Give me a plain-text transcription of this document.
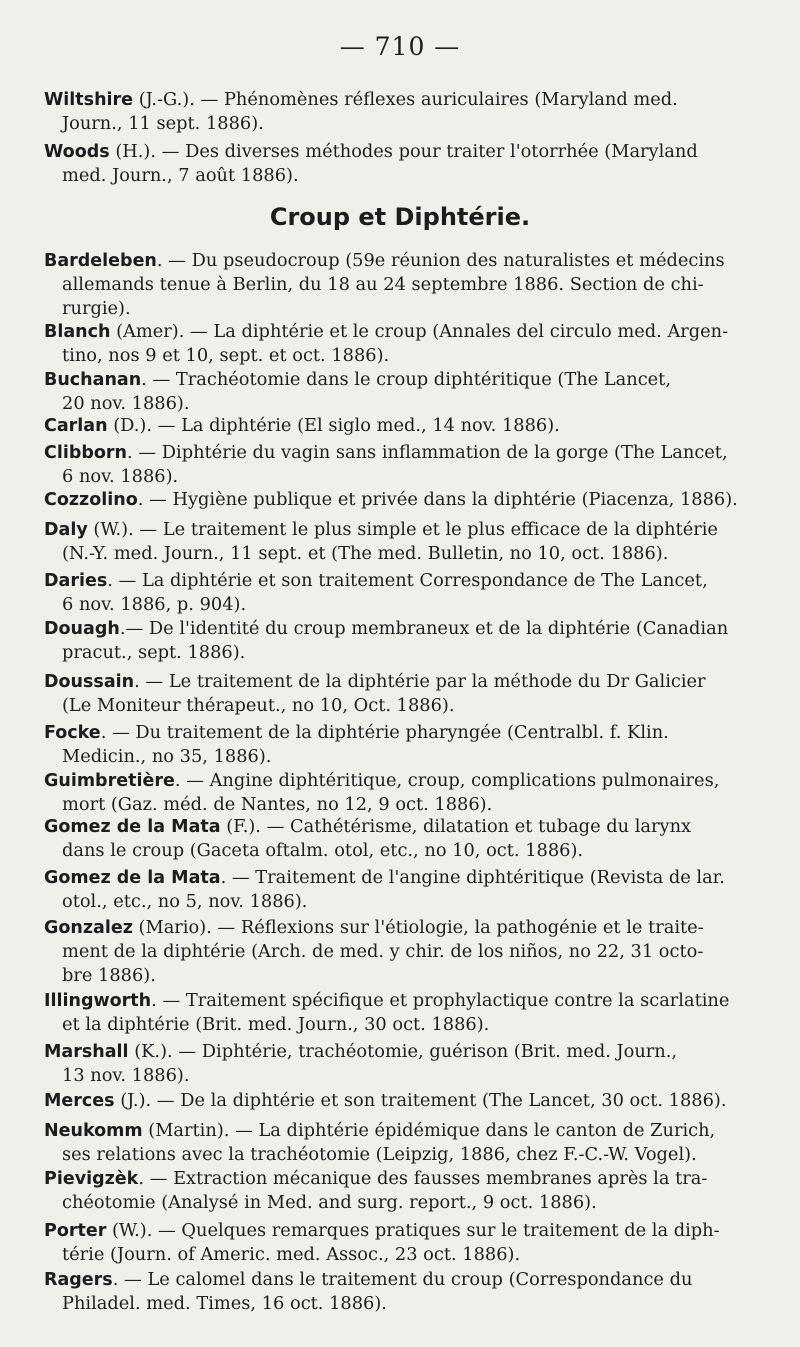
— 710 —
Croup et Diphtérie.
Wiltshire (J.-G.). — Phénomènes réflexes auriculaires (Maryland med.
Journ., 11 sept. 1886).
Woods (H.). — Des diverses méthodes pour traiter l'otorrhée (Maryland
med. Journ., 7 août 1886).
Bardeleben. — Du pseudocroup (59e réunion des naturalistes et médecins
allemands tenue à Berlin, du 18 au 24 septembre 1886. Section de chi-
rurgie).
Blanch (Amer). — La diphtérie et le croup (Annales del circulo med. Argen-
tino, nos 9 et 10, sept. et oct. 1886).
Buchanan. — Trachéotomie dans le croup diphtéritique (The Lancet,
20 nov. 1886).
Carlan (D.). — La diphtérie (El siglo med., 14 nov. 1886).
Clibborn. — Diphtérie du vagin sans inflammation de la gorge (The Lancet,
6 nov. 1886).
Cozzolino. — Hygiène publique et privée dans la diphtérie (Piacenza, 1886).
Daly (W.). — Le traitement le plus simple et le plus efficace de la diphtérie
(N.-Y. med. Journ., 11 sept. et (The med. Bulletin, no 10, oct. 1886).
Daries. — La diphtérie et son traitement Correspondance de The Lancet,
6 nov. 1886, p. 904).
Douagh.— De l'identité du croup membraneux et de la diphtérie (Canadian
pracut., sept. 1886).
Doussain. — Le traitement de la diphtérie par la méthode du Dr Galicier
(Le Moniteur thérapeut., no 10, Oct. 1886).
Focke. — Du traitement de la diphtérie pharyngée (Centralbl. f. Klin.
Medicin., no 35, 1886).
Guimbretière. — Angine diphtéritique, croup, complications pulmonaires,
mort (Gaz. méd. de Nantes, no 12, 9 oct. 1886).
Gomez de la Mata (F.). — Cathétérisme, dilatation et tubage du larynx
dans le croup (Gaceta oftalm. otol, etc., no 10, oct. 1886).
Gomez de la Mata. — Traitement de l'angine diphtéritique (Revista de lar.
otol., etc., no 5, nov. 1886).
Gonzalez (Mario). — Réflexions sur l'étiologie, la pathogénie et le traite-
ment de la diphtérie (Arch. de med. y chir. de los niños, no 22, 31 octo-
bre 1886).
Illingworth. — Traitement spécifique et prophylactique contre la scarlatine
et la diphtérie (Brit. med. Journ., 30 oct. 1886).
Marshall (K.). — Diphtérie, trachéotomie, guérison (Brit. med. Journ.,
13 nov. 1886).
Merces (J.). — De la diphtérie et son traitement (The Lancet, 30 oct. 1886).
Neukomm (Martin). — La diphtérie épidémique dans le canton de Zurich,
ses relations avec la trachéotomie (Leipzig, 1886, chez F.-C.-W. Vogel).
Pievigzèk. — Extraction mécanique des fausses membranes après la tra-
chéotomie (Analysé in Med. and surg. report., 9 oct. 1886).
Porter (W.). — Quelques remarques pratiques sur le traitement de la diph-
térie (Journ. of Americ. med. Assoc., 23 oct. 1886).
Ragers. — Le calomel dans le traitement du croup (Correspondance du
Philadel. med. Times, 16 oct. 1886).
